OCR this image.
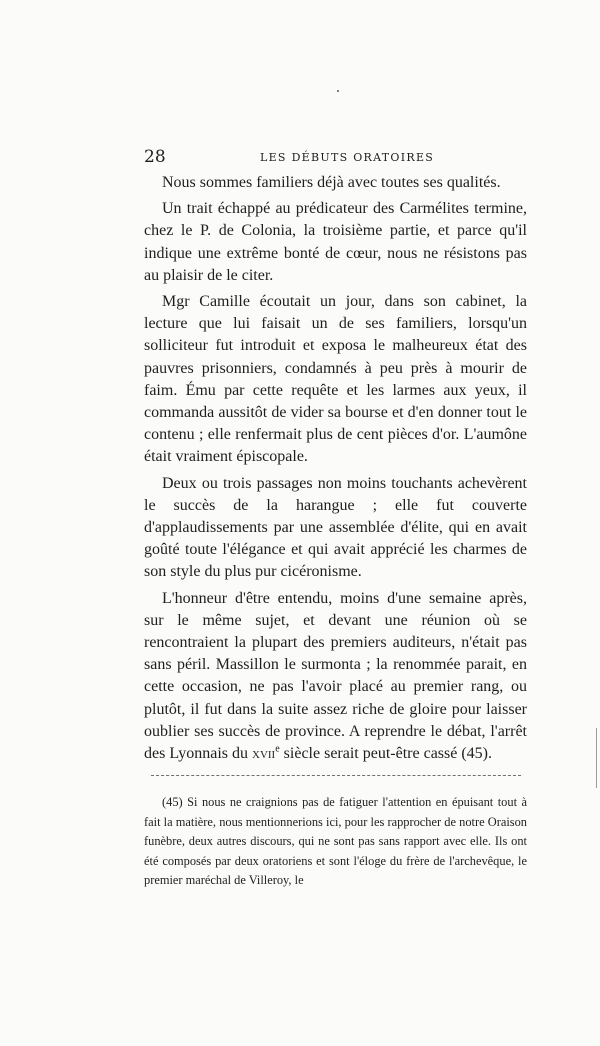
28	LES DÉBUTS ORATOIRES

Nous sommes familiers déjà avec toutes ses qualités.

Un trait échappé au prédicateur des Carmélites termine, chez le P. de Colonia, la troisième partie, et parce qu'il indique une extrême bonté de cœur, nous ne résistons pas au plaisir de le citer.

Mgr Camille écoutait un jour, dans son cabinet, la lecture que lui faisait un de ses familiers, lorsqu'un solliciteur fut introduit et exposa le malheureux état des pauvres prisonniers, condamnés à peu près à mourir de faim. Ému par cette requête et les larmes aux yeux, il commanda aussitôt de vider sa bourse et d'en donner tout le contenu ; elle renfermait plus de cent pièces d'or. L'aumône était vraiment épiscopale.

Deux ou trois passages non moins touchants achevèrent le succès de la harangue ; elle fut couverte d'applaudissements par une assemblée d'élite, qui en avait goûté toute l'élégance et qui avait apprécié les charmes de son style du plus pur cicéronisme.

L'honneur d'être entendu, moins d'une semaine après, sur le même sujet, et devant une réunion où se rencontraient la plupart des premiers auditeurs, n'était pas sans péril. Massillon le surmonta ; la renommée parait, en cette occasion, ne pas l'avoir placé au premier rang, ou plutôt, il fut dans la suite assez riche de gloire pour laisser oublier ses succès de province. A reprendre le débat, l'arrêt des Lyonnais du xvii$^e$ siècle serait peut-être cassé (45).

(45) Si nous ne craignions pas de fatiguer l'attention en épuisant tout à fait la matière, nous mentionnerions ici, pour les rapprocher de notre Oraison funèbre, deux autres discours, qui ne sont pas sans rapport avec elle. Ils ont été composés par deux oratoriens et sont l'éloge du frère de l'archevêque, le premier maréchal de Villeroy, le
